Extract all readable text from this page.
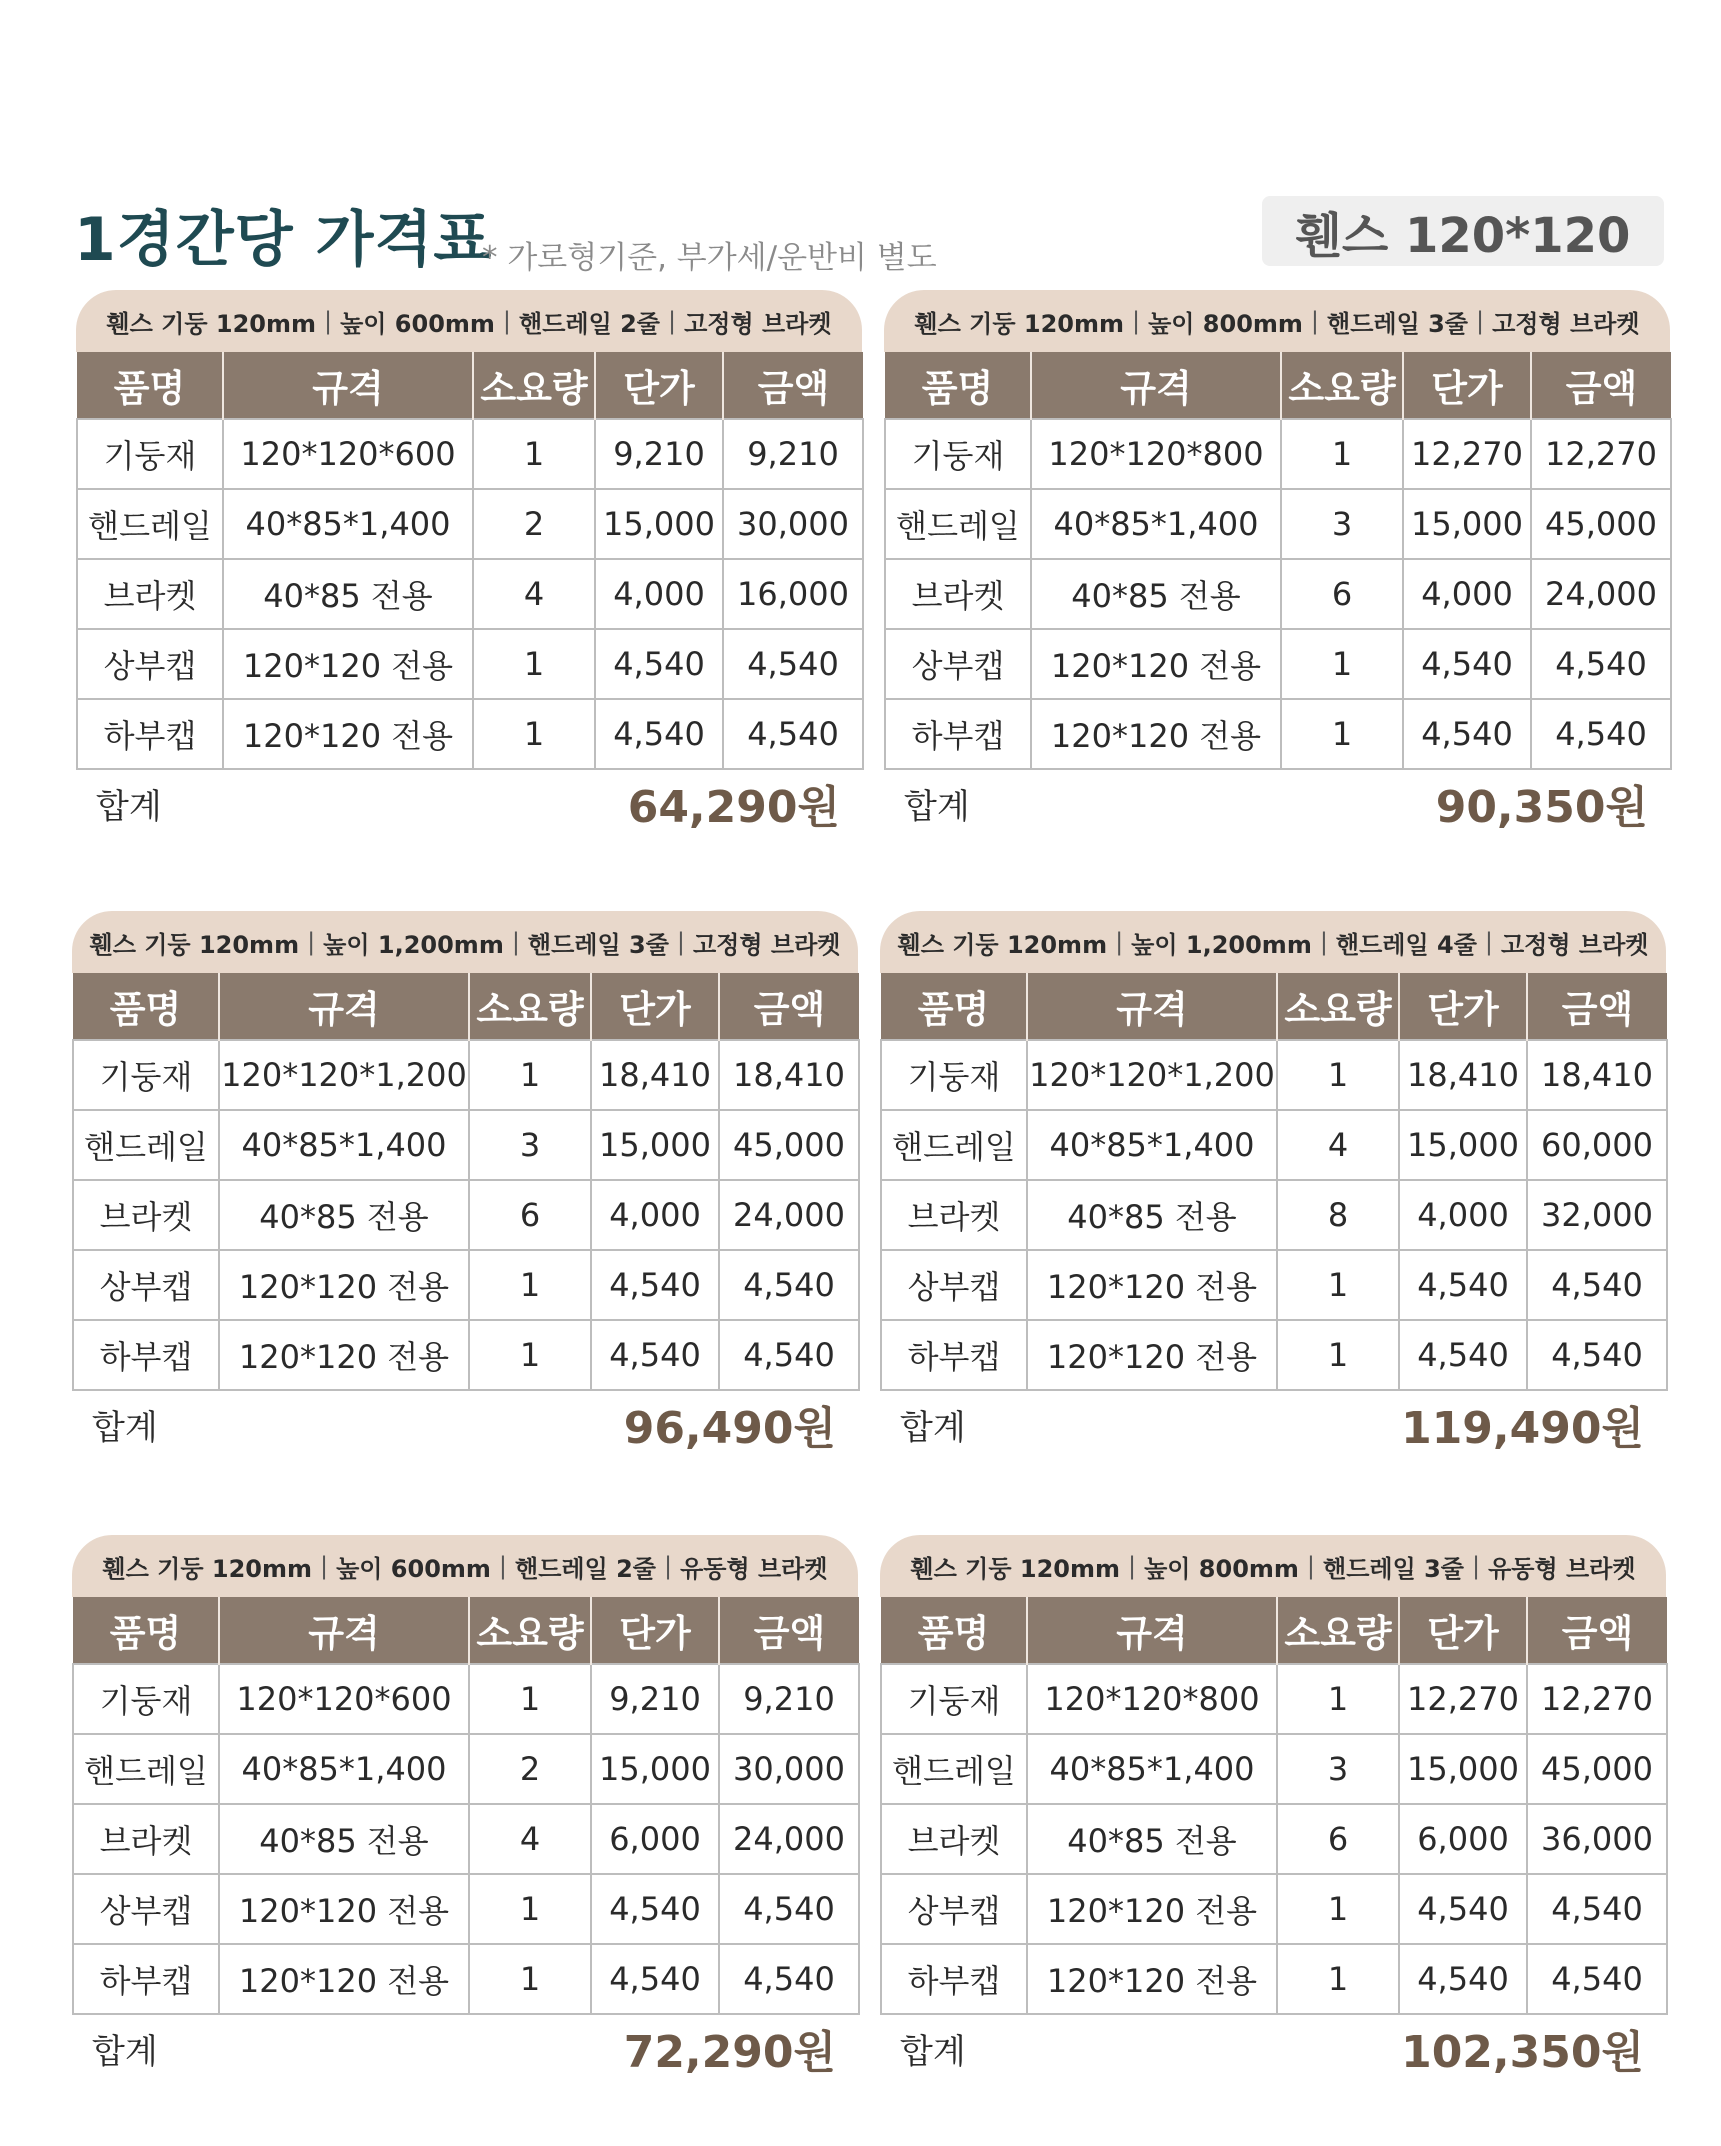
1경간당 가격표
* 가로형기준, 부가세/운반비 별도	휀스 120*120
휀스 기둥 120mm | 높이 600mm | 핸드레일 2줄 | 고정형 브라켓
품명	규격	소요량	단가	금액
기둥재	120*120*600	1	9,210	9,210
핸드레일	40*85*1,400	2	15,000	30,000
브라켓	40*85 전용	4	4,000	16,000
상부캡	120*120 전용	1	4,540	4,540
하부캡	120*120 전용	1	4,540	4,540
합계	64,290원
휀스 기둥 120mm | 높이 800mm | 핸드레일 3줄 | 고정형 브라켓
품명	규격	소요량	단가	금액
기둥재	120*120*800	1	12,270	12,270
핸드레일	40*85*1,400	3	15,000	45,000
브라켓	40*85 전용	6	4,000	24,000
상부캡	120*120 전용	1	4,540	4,540
하부캡	120*120 전용	1	4,540	4,540
합계	90,350원
휀스 기둥 120mm | 높이 1,200mm | 핸드레일 3줄 | 고정형 브라켓
품명	규격	소요량	단가	금액
기둥재	120*120*1,200	1	18,410	18,410
핸드레일	40*85*1,400	3	15,000	45,000
브라켓	40*85 전용	6	4,000	24,000
상부캡	120*120 전용	1	4,540	4,540
하부캡	120*120 전용	1	4,540	4,540
합계	96,490원
휀스 기둥 120mm | 높이 1,200mm | 핸드레일 4줄 | 고정형 브라켓
품명	규격	소요량	단가	금액
기둥재	120*120*1,200	1	18,410	18,410
핸드레일	40*85*1,400	4	15,000	60,000
브라켓	40*85 전용	8	4,000	32,000
상부캡	120*120 전용	1	4,540	4,540
하부캡	120*120 전용	1	4,540	4,540
합계	119,490원
휀스 기둥 120mm | 높이 600mm | 핸드레일 2줄 | 유동형 브라켓
품명	규격	소요량	단가	금액
기둥재	120*120*600	1	9,210	9,210
핸드레일	40*85*1,400	2	15,000	30,000
브라켓	40*85 전용	4	6,000	24,000
상부캡	120*120 전용	1	4,540	4,540
하부캡	120*120 전용	1	4,540	4,540
합계	72,290원
휀스 기둥 120mm | 높이 800mm | 핸드레일 3줄 | 유동형 브라켓
품명	규격	소요량	단가	금액
기둥재	120*120*800	1	12,270	12,270
핸드레일	40*85*1,400	3	15,000	45,000
브라켓	40*85 전용	6	6,000	36,000
상부캡	120*120 전용	1	4,540	4,540
하부캡	120*120 전용	1	4,540	4,540
합계	102,350원
